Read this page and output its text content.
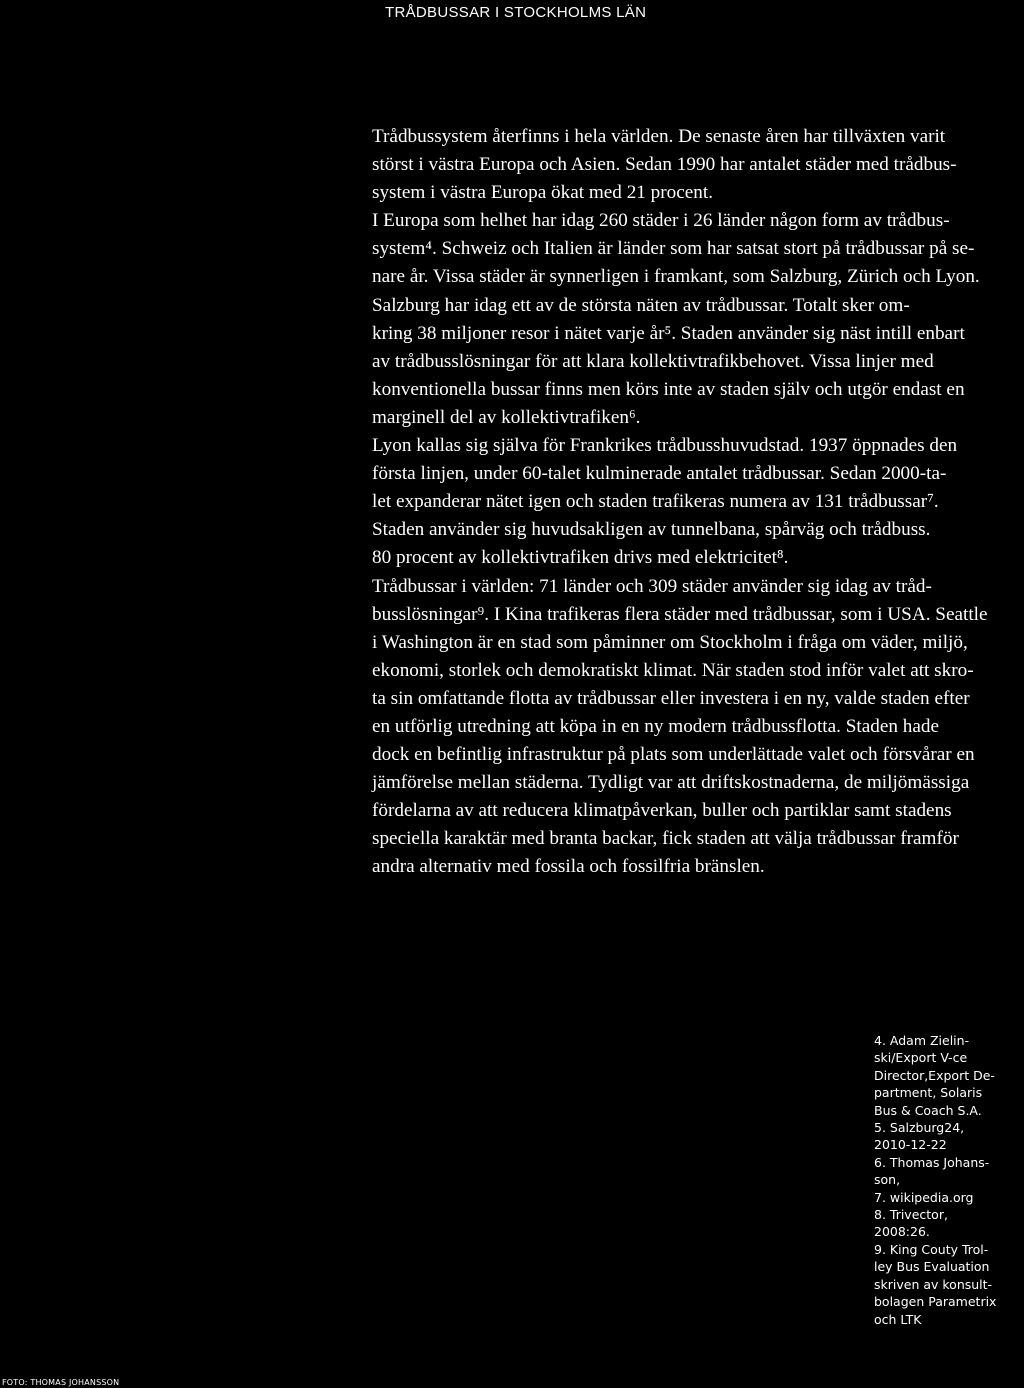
TRÅDBUSSAR I STOCKHOLMS LÄN
Trådbussystem återfinns i hela världen. De senaste åren har tillväxten varit
störst i västra Europa och Asien. Sedan 1990 har antalet städer med trådbus-
system i västra Europa ökat med 21 procent.
I Europa som helhet har idag 260 städer i 26 länder någon form av trådbus-
system⁴. Schweiz och Italien är länder som har satsat stort på trådbussar på se-
nare år. Vissa städer är synnerligen i framkant, som Salzburg, Zürich och Lyon.
Salzburg har idag ett av de största näten av trådbussar. Totalt sker om-
kring 38 miljoner resor i nätet varje år⁵. Staden använder sig näst intill enbart
av trådbusslösningar för att klara kollektivtrafikbehovet. Vissa linjer med
konventionella bussar finns men körs inte av staden själv och utgör endast en
marginell del av kollektivtrafiken⁶.
Lyon kallas sig själva för Frankrikes trådbusshuvudstad. 1937 öppnades den
första linjen, under 60-talet kulminerade antalet trådbussar. Sedan 2000-ta-
let expanderar nätet igen och staden trafikeras numera av 131 trådbussar⁷.
Staden använder sig huvudsakligen av tunnelbana, spårväg och trådbuss.
80 procent av kollektivtrafiken drivs med elektricitet⁸.
Trådbussar i världen: 71 länder och 309 städer använder sig idag av tråd-
busslösningar⁹. I Kina trafikeras flera städer med trådbussar, som i USA. Seattle
i Washington är en stad som påminner om Stockholm i fråga om väder, miljö,
ekonomi, storlek och demokratiskt klimat. När staden stod inför valet att skro-
ta sin omfattande flotta av trådbussar eller investera i en ny, valde staden efter
en utförlig utredning att köpa in en ny modern trådbussflotta. Staden hade
dock en befintlig infrastruktur på plats som underlättade valet och försvårar en
jämförelse mellan städerna. Tydligt var att driftskostnaderna, de miljömässiga
fördelarna av att reducera klimatpåverkan, buller och partiklar samt stadens
speciella karaktär med branta backar, fick staden att välja trådbussar framför
andra alternativ med fossila och fossilfria bränslen.
4. Adam Zielin-
ski/Export V-ce
Director,Export De-
partment, Solaris
Bus & Coach S.A.
5. Salzburg24,
2010-12-22
6. Thomas Johans-
son,
7. wikipedia.org
8. Trivector,
2008:26.
9. King Couty Trol-
ley Bus Evaluation
skriven av konsult-
bolagen Parametrix
och LTK
FOTO: THOMAS JOHANSSON
